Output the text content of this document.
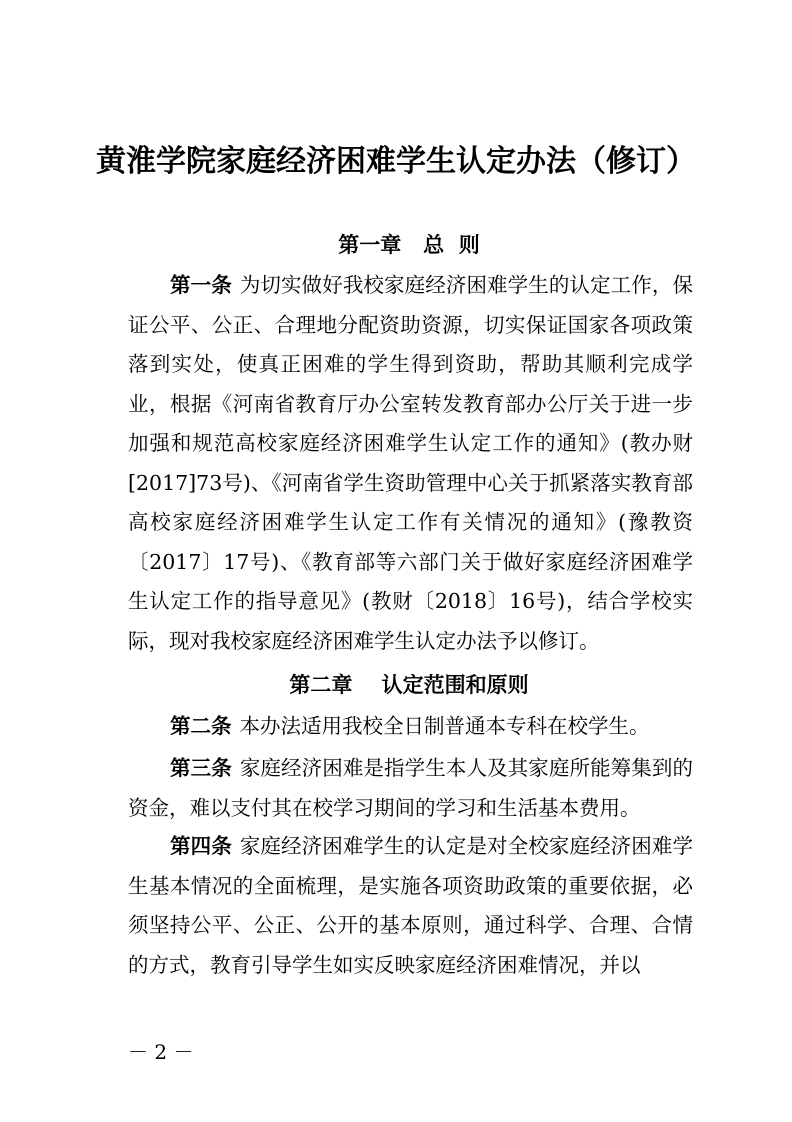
黄淮学院家庭经济困难学生认定办法（修订）
第一章   总  则
第一条 为切实做好我校家庭经济困难学生的认定工作，保证公平、公正、合理地分配资助资源，切实保证国家各项政策落到实处，使真正困难的学生得到资助，帮助其顺利完成学业，根据《河南省教育厅办公室转发教育部办公厅关于进一步加强和规范高校家庭经济困难学生认定工作的通知》(教办财[2017]73号)、《河南省学生资助管理中心关于抓紧落实教育部高校家庭经济困难学生认定工作有关情况的通知》(豫教资〔2017〕17号)、《教育部等六部门关于做好家庭经济困难学生认定工作的指导意见》(教财〔2018〕16号)，结合学校实际，现对我校家庭经济困难学生认定办法予以修订。
第二章    认定范围和原则
第二条 本办法适用我校全日制普通本专科在校学生。
第三条 家庭经济困难是指学生本人及其家庭所能筹集到的资金，难以支付其在校学习期间的学习和生活基本费用。
第四条 家庭经济困难学生的认定是对全校家庭经济困难学生基本情况的全面梳理，是实施各项资助政策的重要依据，必须坚持公平、公正、公开的基本原则，通过科学、合理、合情的方式，教育引导学生如实反映家庭经济困难情况，并以
－ 2 －
